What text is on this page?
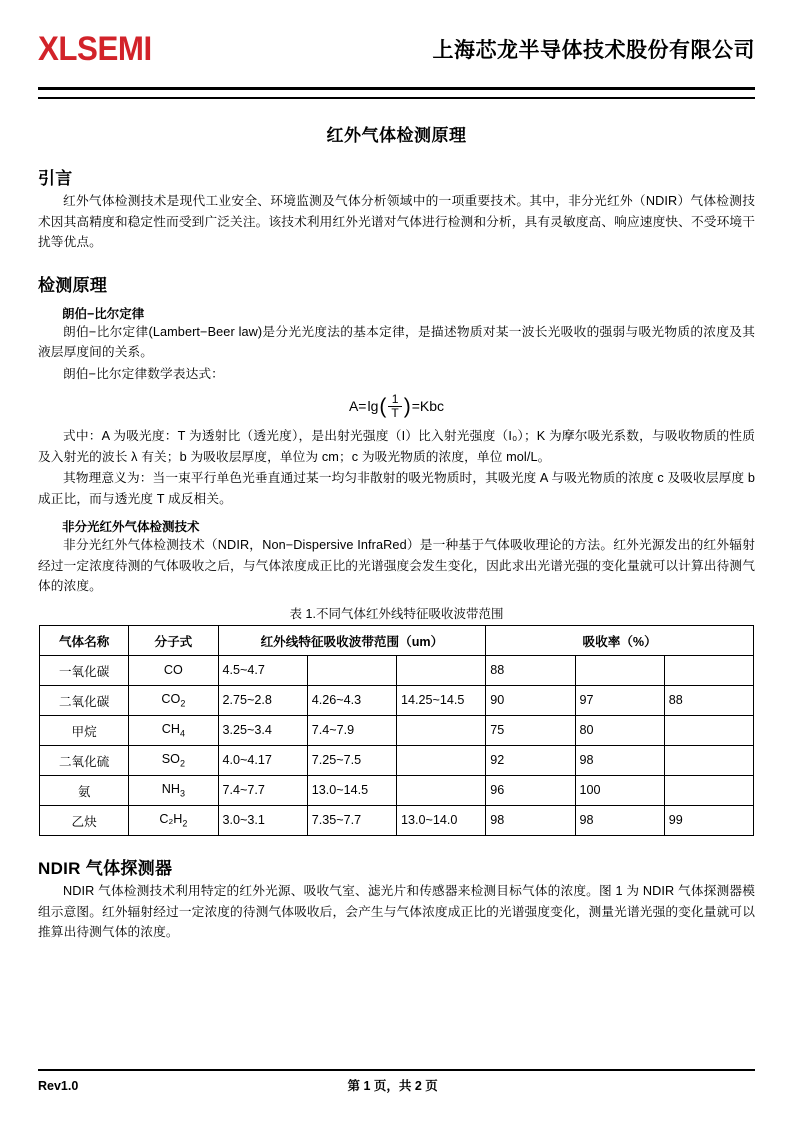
XLSEMI	上海芯龙半导体技术股份有限公司
红外气体检测原理
引言

红外气体检测技术是现代工业安全、环境监测及气体分析领域中的一项重要技术。其中，非分光红外（NDIR）气体检测技术因其高精度和稳定性而受到广泛关注。该技术利用红外光谱对气体进行检测和分析，具有灵敏度高、响应速度快、不受环境干扰等优点。

检测原理
朗伯−比尔定律

朗伯−比尔定律(Lambert−Beer law)是分光光度法的基本定律，是描述物质对某一波长光吸收的强弱与吸光物质的浓度及其液层厚度间的关系。

朗伯−比尔定律数学表达式：

A= lg ( $\frac{1}{T}$ ) =Kbc

式中：A 为吸光度：T 为透射比（透光度），是出射光强度（I）比入射光强度（I₀）；K 为摩尔吸光系数，与吸收物质的性质及入射光的波长 λ 有关；b 为吸收层厚度，单位为 cm；c 为吸光物质的浓度，单位 mol/L。

其物理意义为：当一束平行单色光垂直通过某一均匀非散射的吸光物质时，其吸光度 A 与吸光物质的浓度 c 及吸收层厚度 b 成正比，而与透光度 T 成反相关。

非分光红外气体检测技术

非分光红外气体检测技术（NDIR，Non−Dispersive InfraRed）是一种基于气体吸收理论的方法。红外光源发出的红外辐射经过一定浓度待测的气体吸收之后，与气体浓度成正比的光谱强度会发生变化，因此求出光谱光强的变化量就可以计算出待测气体的浓度。

表 1.不同气体红外线特征吸收波带范围
气体名称	分子式	红外线特征吸收波带范围（um）			吸收率（%）		
一氧化碳	CO	4.5~4.7			88		
二氧化碳	$CO_2$	2.75~2.8	4.26~4.3	14.25~14.5	90	97	88
甲烷	$CH_4$	3.25~3.4	7.4~7.9		75	80	
二氧化硫	$SO_2$	4.0~4.17	7.25~7.5		92	98	
氨	$NH_3$	7.4~7.7	13.0~14.5		96	100	
乙炔	$C_2H_2$	3.0~3.1	7.35~7.7	13.0~14.0	98	98	99
NDIR 气体探测器

NDIR 气体检测技术利用特定的红外光源、吸收气室、滤光片和传感器来检测目标气体的浓度。图 1 为 NDIR 气体探测器模组示意图。红外辐射经过一定浓度的待测气体吸收后，会产生与气体浓度成正比的光谱强度变化，测量光谱光强的变化量就可以推算出待测气体的浓度。

Rev1.0	第 1 页，共 2 页
